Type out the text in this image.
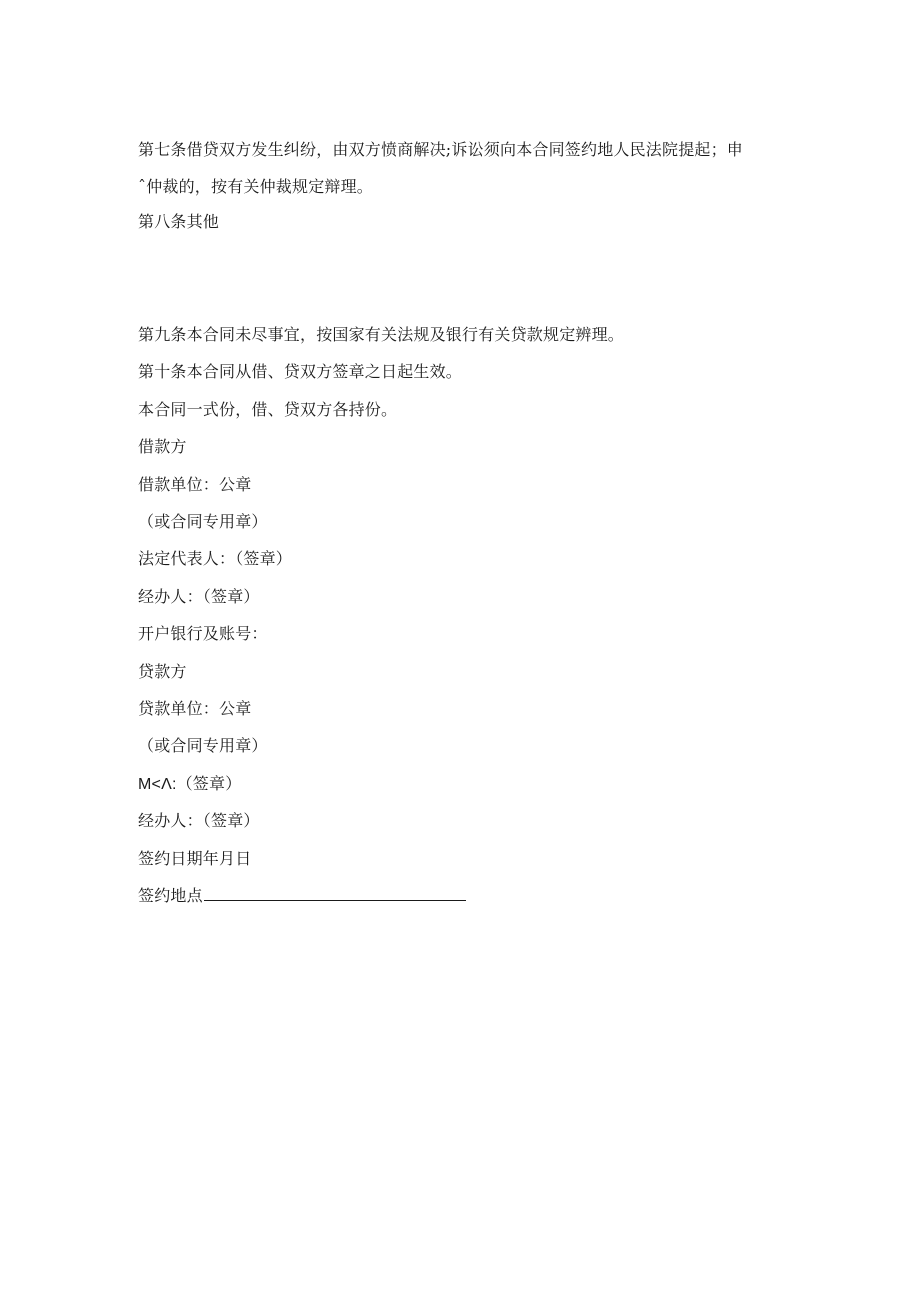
第七条借贷双方发生纠纷，由双方愤商解决;诉讼须向本合同签约地人民法院提起；申
ˆ仲裁的，按有关仲裁规定辩理。
第八条其他
第九条本合同未尽事宜，按国家有关法规及银行有关贷款规定辨理。
第十条本合同从借、贷双方签章之日起生效。
本合同一式份，借、贷双方各持份。
借款方
借款单位：公章
（或合同专用章）
法定代表人：（签章）
经办人：（签章）
开户银行及账号：
贷款方
贷款单位：公章
（或合同专用章）
M<Λ:（签章）
经办人：（签章）
签约日期年月日
签约地点
